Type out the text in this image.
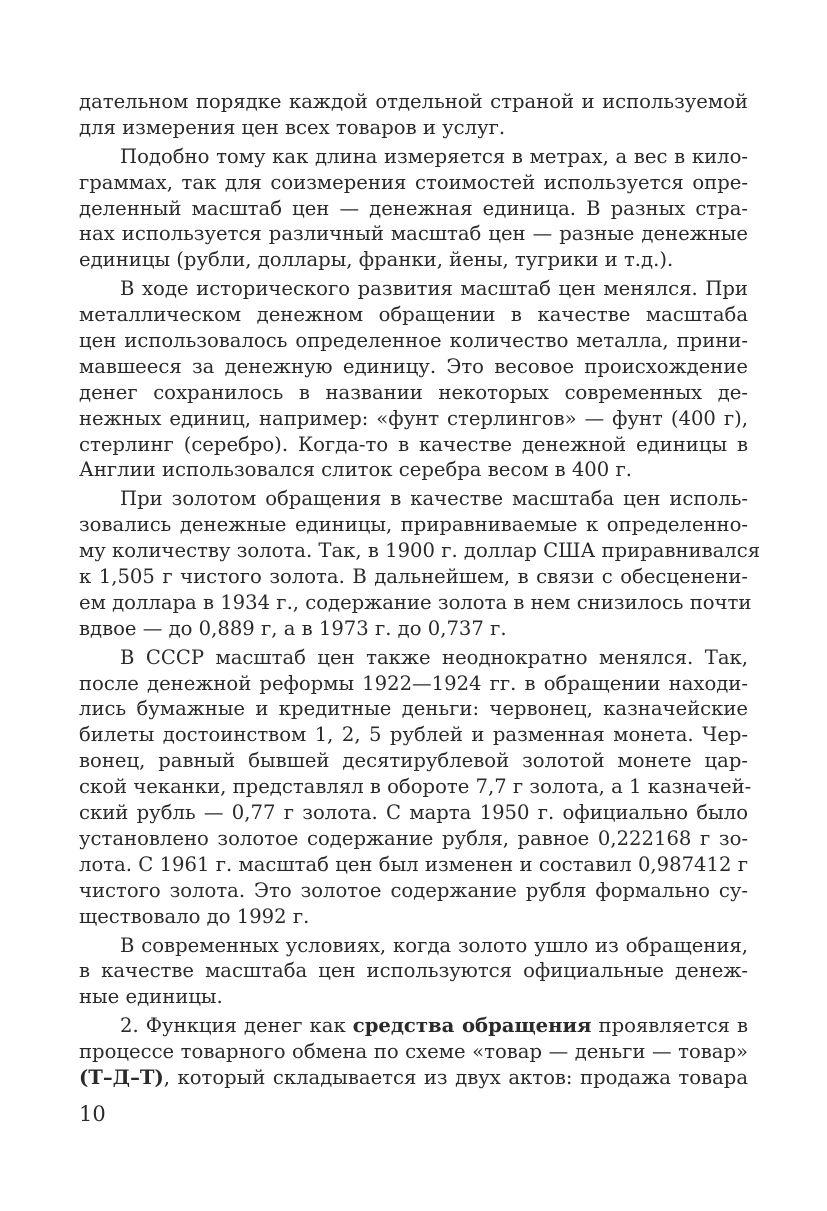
дательном порядке каждой отдельной страной и используемой
для измерения цен всех товаров и услуг.
Подобно тому как длина измеряется в метрах, а вес в кило-
граммах, так для соизмерения стоимостей используется опре-
деленный масштаб цен — денежная единица. В разных стра-
нах используется различный масштаб цен — разные денежные
единицы (рубли, доллары, франки, йены, тугрики и т.д.).
В ходе исторического развития масштаб цен менялся. При
металлическом денежном обращении в качестве масштаба
цен использовалось определенное количество металла, прини-
мавшееся за денежную единицу. Это весовое происхождение
денег сохранилось в названии некоторых современных де-
нежных единиц, например: «фунт стерлингов» — фунт (400 г),
стерлинг (серебро). Когда-то в качестве денежной единицы в
Англии использовался слиток серебра весом в 400 г.
При золотом обращения в качестве масштаба цен исполь-
зовались денежные единицы, приравниваемые к определенно-
му количеству золота. Так, в 1900 г. доллар США приравнивался
к 1,505 г чистого золота. В дальнейшем, в связи с обесценени-
ем доллара в 1934 г., содержание золота в нем снизилось почти
вдвое — до 0,889 г, а в 1973 г. до 0,737 г.
В СССР масштаб цен также неоднократно менялся. Так,
после денежной реформы 1922—1924 гг. в обращении находи-
лись бумажные и кредитные деньги: червонец, казначейские
билеты достоинством 1, 2, 5 рублей и разменная монета. Чер-
вонец, равный бывшей десятирублевой золотой монете цар-
ской чеканки, представлял в обороте 7,7 г золота, а 1 казначей-
ский рубль — 0,77 г золота. С марта 1950 г. официально было
установлено золотое содержание рубля, равное 0,222168 г зо-
лота. С 1961 г. масштаб цен был изменен и составил 0,987412 г
чистого золота. Это золотое содержание рубля формально су-
ществовало до 1992 г.
В современных условиях, когда золото ушло из обращения,
в качестве масштаба цен используются официальные денеж-
ные единицы.
2. Функция денег как средства обращения проявляется в
процессе товарного обмена по схеме «товар — деньги — товар»
(Т–Д–Т), который складывается из двух актов: продажа товара
10
